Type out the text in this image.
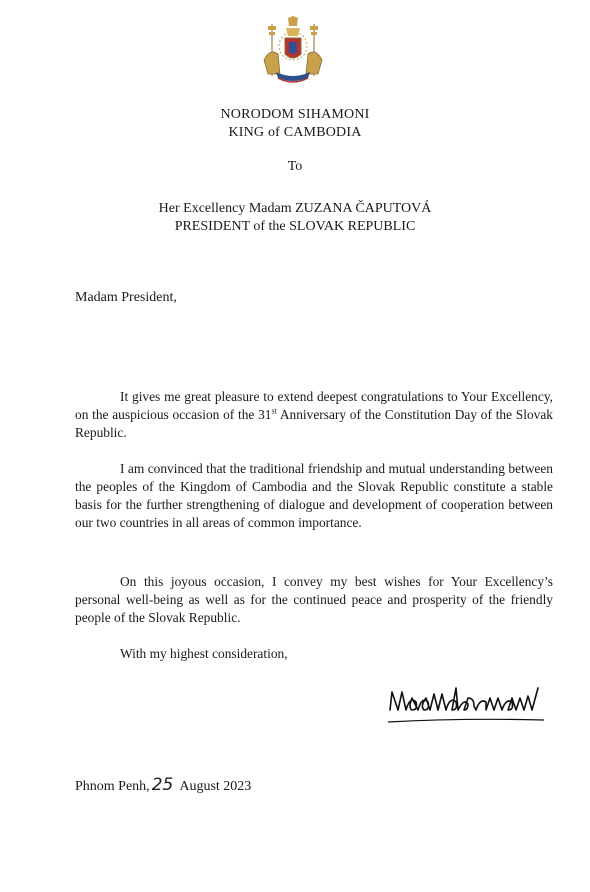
NORODOM SIHAMONI
KING of CAMBODIA
To
Her Excellency Madam ZUZANA ČAPUTOVÁ
PRESIDENT of the SLOVAK REPUBLIC
Madam President,

It gives me great pleasure to extend deepest congratulations to Your Excellency, on the auspicious occasion of the 31st Anniversary of the Constitution Day of the Slovak Republic.

I am convinced that the traditional friendship and mutual understanding between the peoples of the Kingdom of Cambodia and the Slovak Republic constitute a stable basis for the further strengthening of dialogue and development of cooperation between our two countries in all areas of common importance.

On this joyous occasion, I convey my best wishes for Your Excellency’s personal well-being as well as for the continued peace and prosperity of the friendly people of the Slovak Republic.

With my highest consideration,
Phnom Penh, 25 August 2023
